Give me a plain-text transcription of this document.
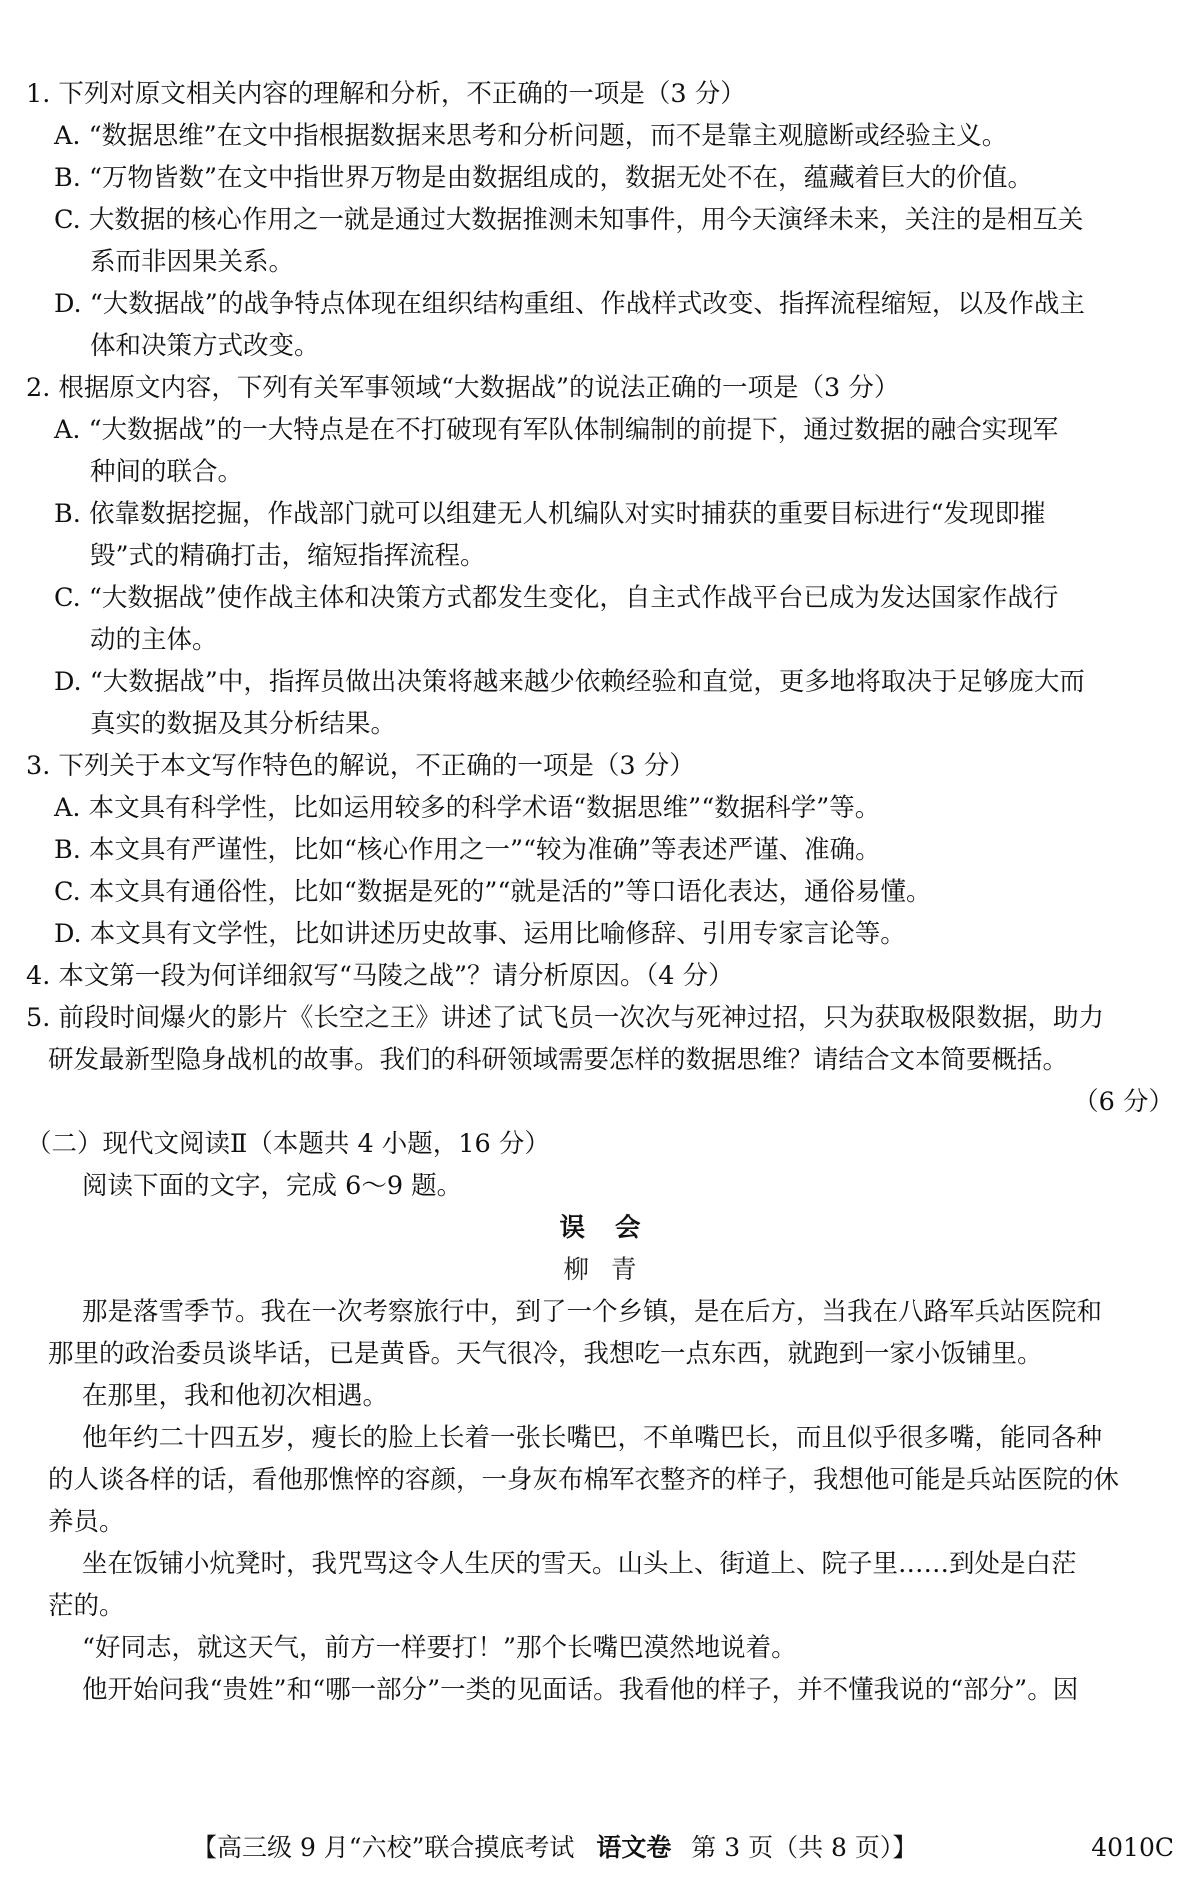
1. 下列对原文相关内容的理解和分析，不正确的一项是（3 分）
A. “数据思维”在文中指根据数据来思考和分析问题，而不是靠主观臆断或经验主义。
B. “万物皆数”在文中指世界万物是由数据组成的，数据无处不在，蕴藏着巨大的价值。
C. 大数据的核心作用之一就是通过大数据推测未知事件，用今天演绎未来，关注的是相互关
系而非因果关系。
D. “大数据战”的战争特点体现在组织结构重组、作战样式改变、指挥流程缩短，以及作战主
体和决策方式改变。
2. 根据原文内容，下列有关军事领域“大数据战”的说法正确的一项是（3 分）
A. “大数据战”的一大特点是在不打破现有军队体制编制的前提下，通过数据的融合实现军
种间的联合。
B. 依靠数据挖掘，作战部门就可以组建无人机编队对实时捕获的重要目标进行“发现即摧
毁”式的精确打击，缩短指挥流程。
C. “大数据战”使作战主体和决策方式都发生变化，自主式作战平台已成为发达国家作战行
动的主体。
D. “大数据战”中，指挥员做出决策将越来越少依赖经验和直觉，更多地将取决于足够庞大而
真实的数据及其分析结果。
3. 下列关于本文写作特色的解说，不正确的一项是（3 分）
A. 本文具有科学性，比如运用较多的科学术语“数据思维”“数据科学”等。
B. 本文具有严谨性，比如“核心作用之一”“较为准确”等表述严谨、准确。
C. 本文具有通俗性，比如“数据是死的”“就是活的”等口语化表达，通俗易懂。
D. 本文具有文学性，比如讲述历史故事、运用比喻修辞、引用专家言论等。
4. 本文第一段为何详细叙写“马陵之战”？请分析原因。（4 分）
5. 前段时间爆火的影片《长空之王》讲述了试飞员一次次与死神过招，只为获取极限数据，助力
研发最新型隐身战机的故事。我们的科研领域需要怎样的数据思维？请结合文本简要概括。
（6 分）
（二）现代文阅读Ⅱ（本题共 4 小题，16 分）
阅读下面的文字，完成 6～9 题。
误会
柳青
那是落雪季节。我在一次考察旅行中，到了一个乡镇，是在后方，当我在八路军兵站医院和
那里的政治委员谈毕话，已是黄昏。天气很冷，我想吃一点东西，就跑到一家小饭铺里。
在那里，我和他初次相遇。
他年约二十四五岁，瘦长的脸上长着一张长嘴巴，不单嘴巴长，而且似乎很多嘴，能同各种
的人谈各样的话，看他那憔悴的容颜，一身灰布棉军衣整齐的样子，我想他可能是兵站医院的休
养员。
坐在饭铺小炕凳时，我咒骂这令人生厌的雪天。山头上、街道上、院子里……到处是白茫
茫的。
“好同志，就这天气，前方一样要打！”那个长嘴巴漠然地说着。
他开始问我“贵姓”和“哪一部分”一类的见面话。我看他的样子，并不懂我说的“部分”。因
【高三级 9 月“六校”联合摸底考试 语文卷 第 3 页（共 8 页）】	4010C
